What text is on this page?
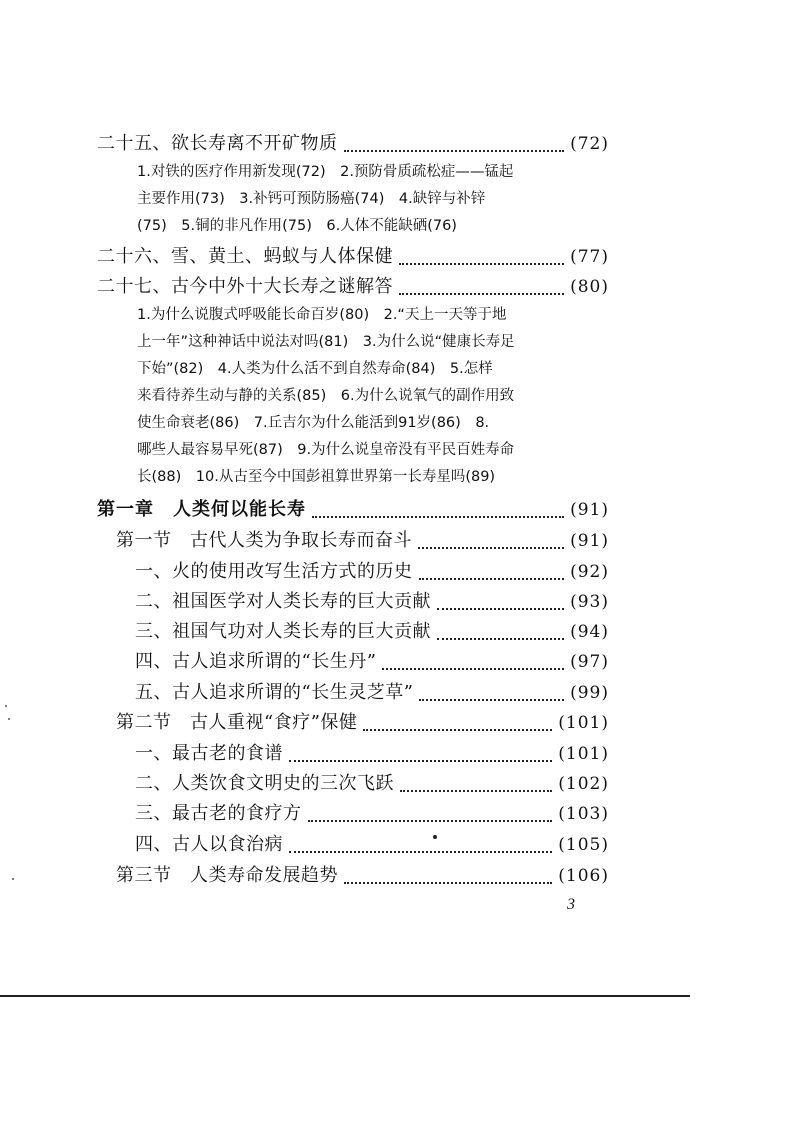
二十五、欲长寿离不开矿物质	(72)
1.对铁的医疗作用新发现(72)　2.预防骨质疏松症——锰起
主要作用(73)　3.补钙可预防肠癌(74)　4.缺锌与补锌
(75)　5.铜的非凡作用(75)　6.人体不能缺硒(76)
二十六、雪、黄土、蚂蚁与人体保健	(77)
二十七、古今中外十大长寿之谜解答	(80)
1.为什么说腹式呼吸能长命百岁(80)　2.“天上一天等于地
上一年”这种神话中说法对吗(81)　3.为什么说“健康长寿足
下始”(82)　4.人类为什么活不到自然寿命(84)　5.怎样
来看待养生动与静的关系(85)　6.为什么说氧气的副作用致
使生命衰老(86)　7.丘吉尔为什么能活到91岁(86)　8.
哪些人最容易早死(87)　9.为什么说皇帝没有平民百姓寿命
长(88)　10.从古至今中国彭祖算世界第一长寿星吗(89)
第一章　人类何以能长寿	(91)
第一节　古代人类为争取长寿而奋斗	(91)
一、火的使用改写生活方式的历史	(92)
二、祖国医学对人类长寿的巨大贡献	(93)
三、祖国气功对人类长寿的巨大贡献	(94)
四、古人追求所谓的“长生丹”	(97)
五、古人追求所谓的“长生灵芝草”	(99)
第二节　古人重视“食疗”保健	(101)
一、最古老的食谱	(101)
二、人类饮食文明史的三次飞跃	(102)
三、最古老的食疗方	(103)
四、古人以食治病	(105)
第三节　人类寿命发展趋势	(106)
3
